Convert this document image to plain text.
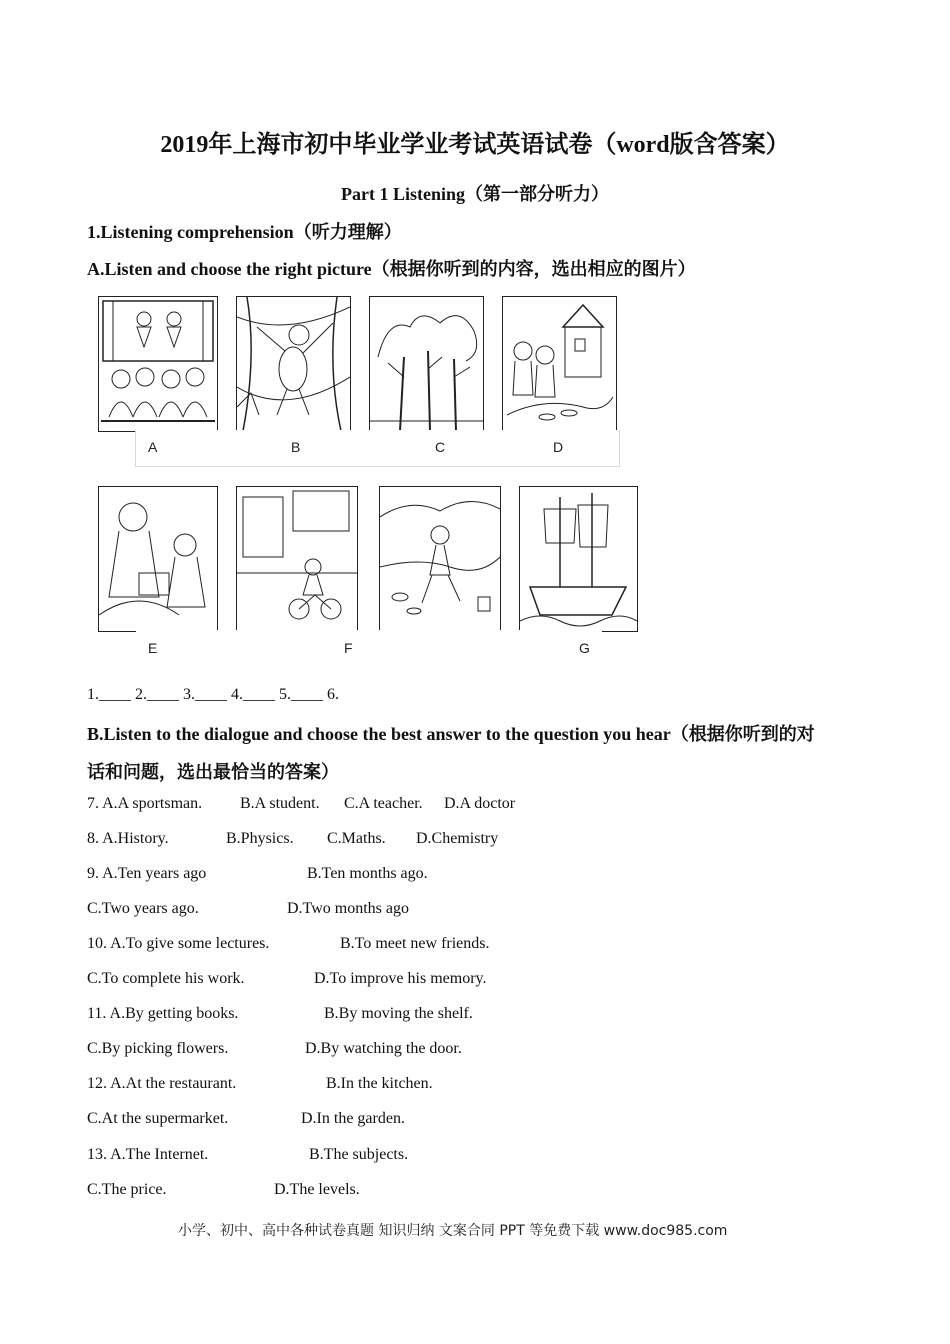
2019年上海市初中毕业学业考试英语试卷（word版含答案）
Part 1 Listening（第一部分听力）
1.Listening comprehension（听力理解）
A.Listen and choose the right picture（根据你听到的内容，选出相应的图片）
A	B	C	D
E	F	G
1.____ 2.____ 3.____ 4.____ 5.____ 6.
B.Listen to the dialogue and choose the best answer to the question you hear（根据你听到的对
话和问题，选出最恰当的答案）
7. A.A sportsman. B.A student. C.A teacher. D.A doctor
8. A.History.	B.Physics. C.Maths. D.Chemistry
9. A.Ten years ago	B.Ten months ago.
C.Two years ago.	D.Two months ago
10. A.To give some lectures.	B.To meet new friends.
C.To complete his work.	D.To improve his memory.
11. A.By getting books.	B.By moving the shelf.
C.By picking flowers.	D.By watching the door.
12. A.At the restaurant.	B.In the kitchen.
C.At the supermarket.	D.In the garden.
13. A.The Internet.	B.The subjects.
C.The price.	D.The levels.
小学、初中、高中各种试卷真题 知识归纳 文案合同 PPT 等免费下载 www.doc985.com
